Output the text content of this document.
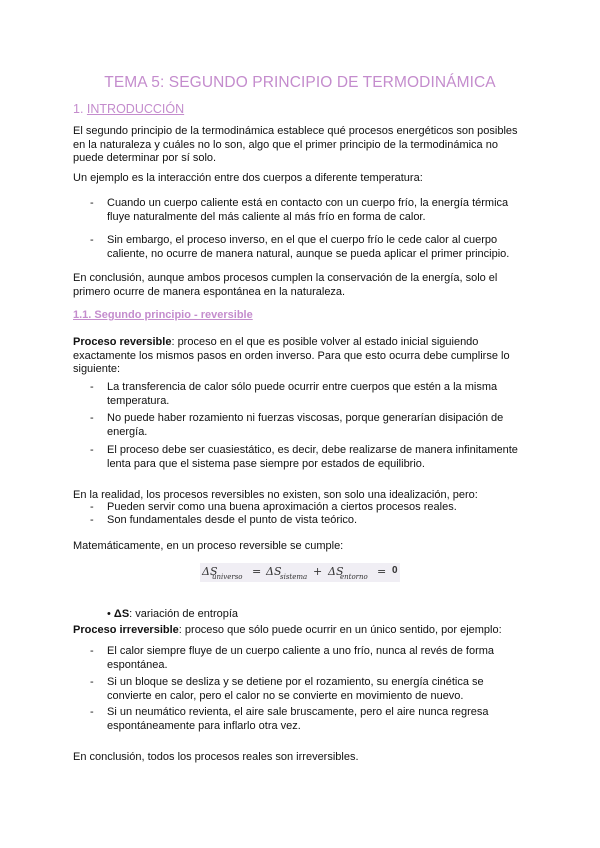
TEMA 5: SEGUNDO PRINCIPIO DE TERMODINÁMICA
1. INTRODUCCIÓN

El segundo principio de la termodinámica establece qué procesos energéticos son posibles
en la naturaleza y cuáles no lo son, algo que el primer principio de la termodinámica no
puede determinar por sí solo.

Un ejemplo es la interacción entre dos cuerpos a diferente temperatura:

- Cuando un cuerpo caliente está en contacto con un cuerpo frío, la energía térmica
fluye naturalmente del más caliente al más frío en forma de calor.

- Sin embargo, el proceso inverso, en el que el cuerpo frío le cede calor al cuerpo
caliente, no ocurre de manera natural, aunque se pueda aplicar el primer principio.

En conclusión, aunque ambos procesos cumplen la conservación de la energía, solo el
primero ocurre de manera espontánea en la naturaleza.

1.1. Segundo principio - reversible

Proceso reversible: proceso en el que es posible volver al estado inicial siguiendo
exactamente los mismos pasos en orden inverso. Para que esto ocurra debe cumplirse lo
siguiente:

- La transferencia de calor sólo puede ocurrir entre cuerpos que estén a la misma
temperatura.

- No puede haber rozamiento ni fuerzas viscosas, porque generarían disipación de
energía.

- El proceso debe ser cuasiestático, es decir, debe realizarse de manera infinitamente
lenta para que el sistema pase siempre por estados de equilibrio.

En la realidad, los procesos reversibles no existen, son solo una idealización, pero:

- Pueden servir como una buena aproximación a ciertos procesos reales.

- Son fundamentales desde el punto de vista teórico.

Matemáticamente, en un proceso reversible se cumple:

ΔS
universo = ΔS
sistema + ΔS
entorno = 0

• ΔS: variación de entropía

Proceso irreversible: proceso que sólo puede ocurrir en un único sentido, por ejemplo:

- El calor siempre fluye de un cuerpo caliente a uno frío, nunca al revés de forma
espontánea.

- Si un bloque se desliza y se detiene por el rozamiento, su energía cinética se
convierte en calor, pero el calor no se convierte en movimiento de nuevo.

- Si un neumático revienta, el aire sale bruscamente, pero el aire nunca regresa
espontáneamente para inflarlo otra vez.

En conclusión, todos los procesos reales son irreversibles.
